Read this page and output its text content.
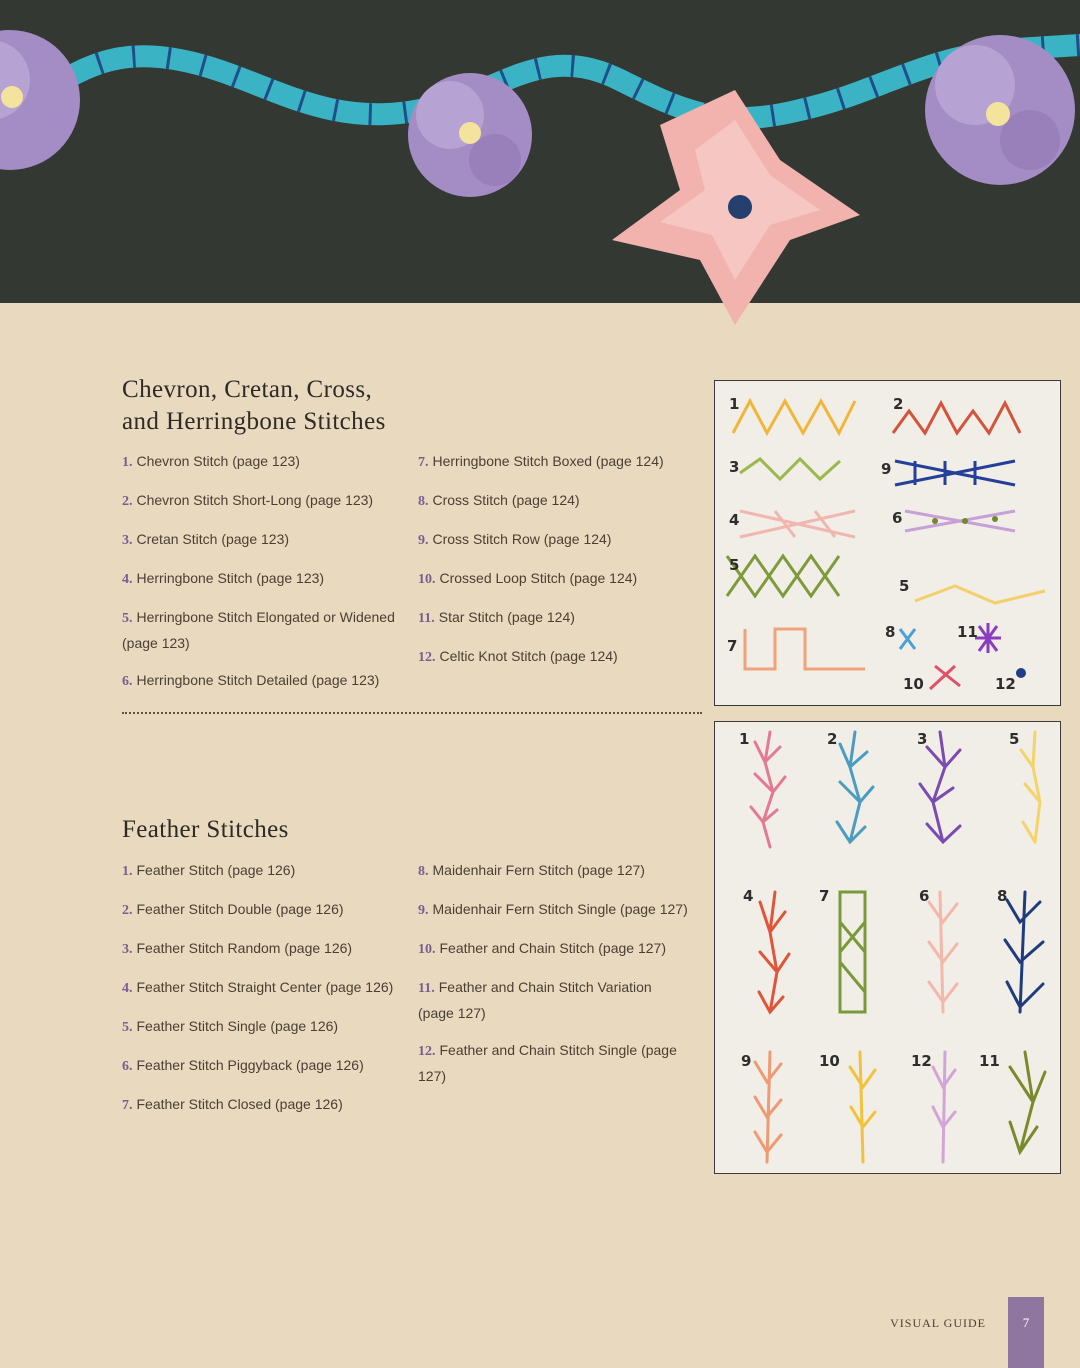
Chevron, Cretan, Cross,
and Herringbone Stitches
1. Chevron Stitch (page 123)
2. Chevron Stitch Short-Long (page 123)
3. Cretan Stitch (page 123)
4. Herringbone Stitch (page 123)
5. Herringbone Stitch Elongated or Widened (page 123)
6. Herringbone Stitch Detailed (page 123)
7. Herringbone Stitch Boxed (page 124)
8. Cross Stitch (page 124)
9. Cross Stitch Row (page 124)
10. Crossed Loop Stitch (page 124)
11. Star Stitch (page 124)
12. Celtic Knot Stitch (page 124)
1	2
3	9
4	6
5
5
7
8	11
10	12
Feather Stitches
1. Feather Stitch (page 126)
2. Feather Stitch Double (page 126)
3. Feather Stitch Random (page 126)
4. Feather Stitch Straight Center (page 126)
5. Feather Stitch Single (page 126)
6. Feather Stitch Piggyback (page 126)
7. Feather Stitch Closed (page 126)
8. Maidenhair Fern Stitch (page 127)
9. Maidenhair Fern Stitch Single (page 127)
10. Feather and Chain Stitch (page 127)
11. Feather and Chain Stitch Variation (page 127)
12. Feather and Chain Stitch Single (page 127)
1	2	3	5
4	7	6	8
9	10	12	11
VISUAL GUIDE	7
